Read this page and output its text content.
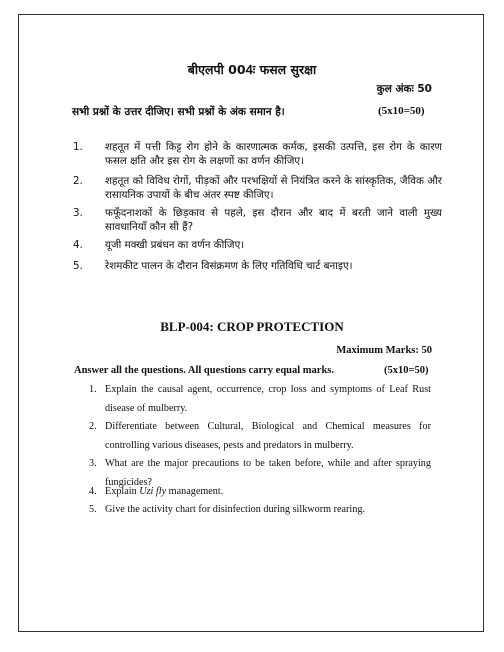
बीएलपी 004ः फसल सुरक्षा
कुल अंकः 50
सभी प्रश्नों के उत्तर दीजिए। सभी प्रश्नों के अंक समान है।	(5x10=50)
1.	शहतूत में पत्ती किट्ट रोग होने के कारणात्मक कर्मक, इसकी उत्पत्ति, इस रोग के कारण फसल क्षति और इस रोग के लक्षणों का वर्णन कीजिए।
2.	शहतूत को विविध रोगों, पीड़कों और परभक्षियों से नियंत्रित करने के सांस्कृतिक, जैविक और रासायनिक उपायों के बीच अंतर स्पष्ट कीजिए।
3.	फफूँदनाशकों के छिड़काव से पहले, इस दौरान और बाद में बरती जाने वाली मुख्य सावधानियाँ कौन सी हैं?
4.	यूजी मक्खी प्रबंधन का वर्णन कीजिए।
5.	रेशमकीट पालन के दौरान विसंक्रमण के लिए गतिविधि चार्ट बनाइए।
BLP-004: CROP PROTECTION
Maximum Marks: 50
Answer all the questions. All questions carry equal marks.	(5x10=50)
1. Explain the causal agent, occurrence, crop loss and symptoms of Leaf Rust disease of mulberry.
2. Differentiate between Cultural, Biological and Chemical measures for controlling various diseases, pests and predators in mulberry.
3. What are the major precautions to be taken before, while and after spraying fungicides?
4. Explain Uzi fly management.
5. Give the activity chart for disinfection during silkworm rearing.
